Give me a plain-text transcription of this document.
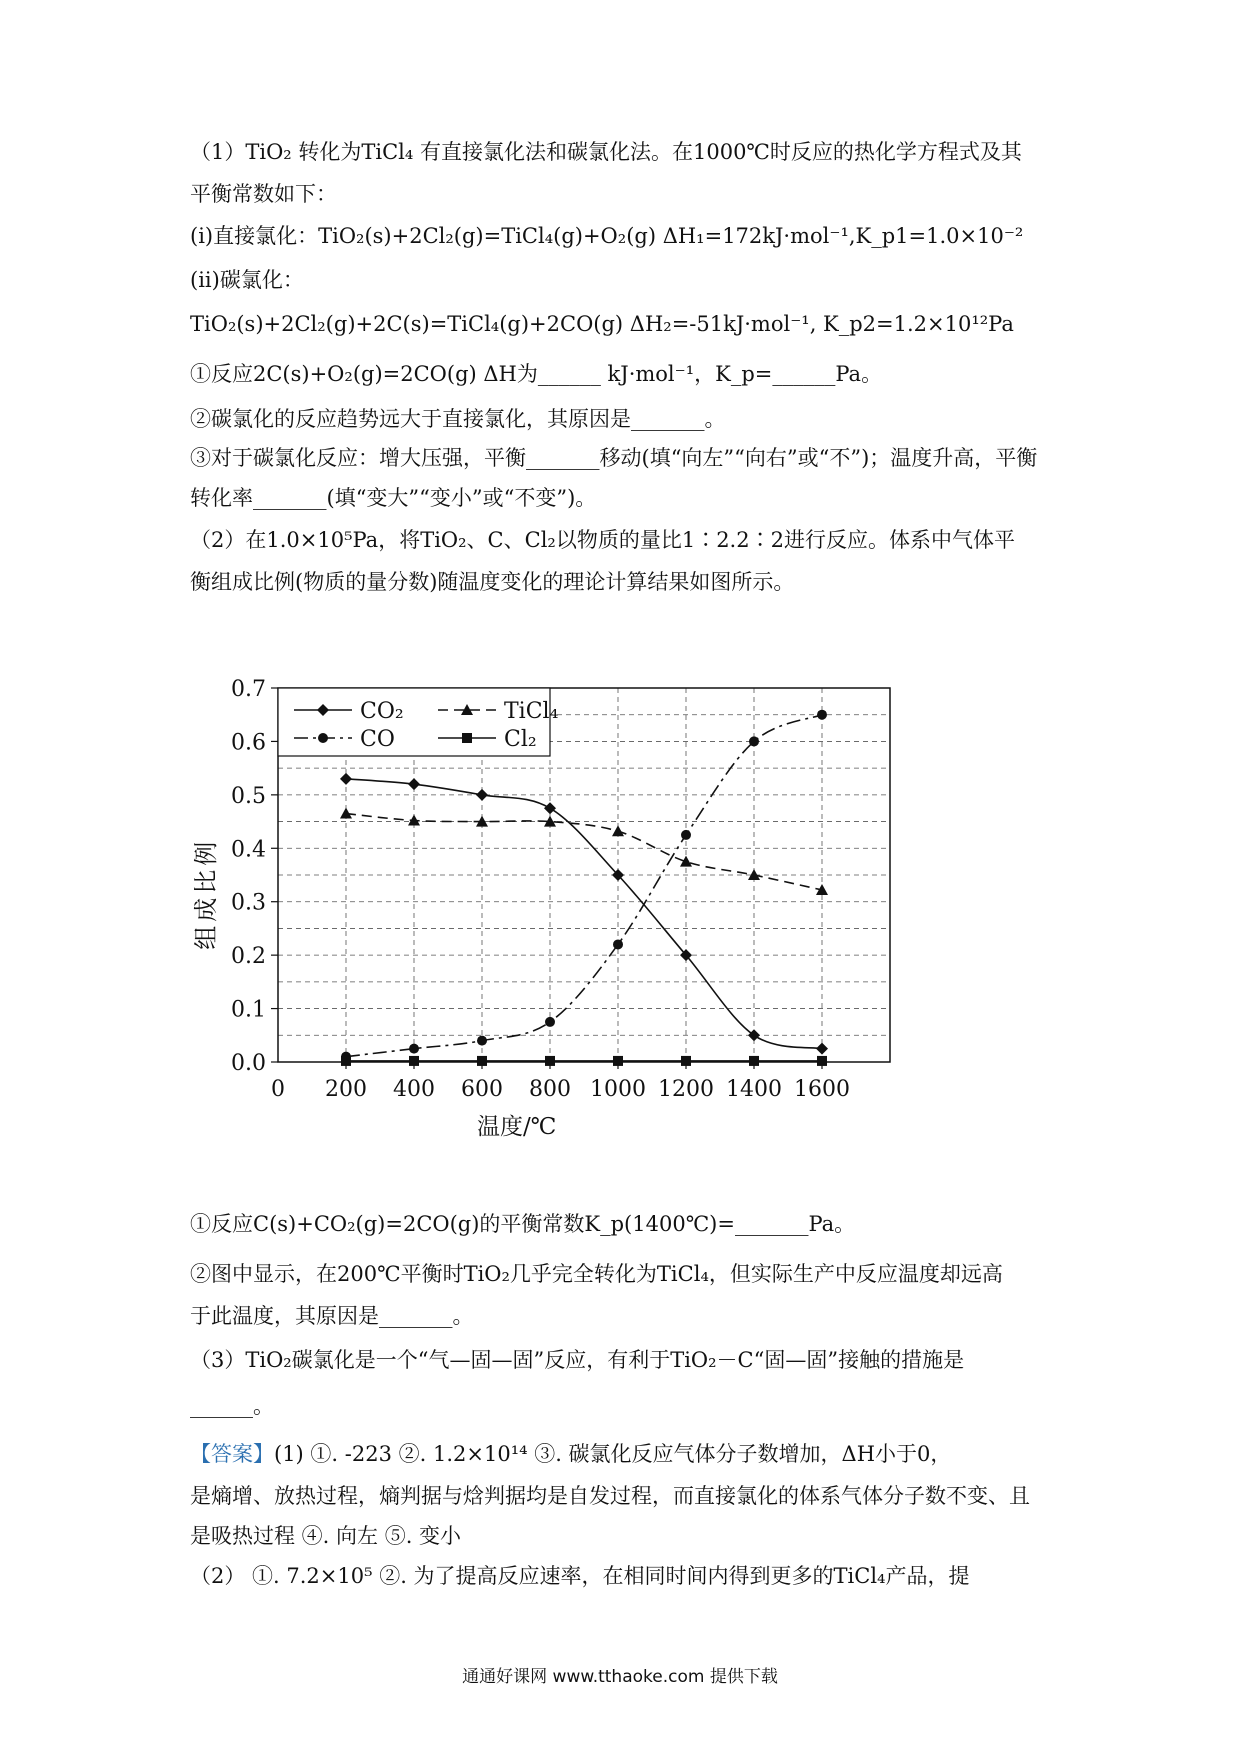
（1）TiO₂ 转化为TiCl₄ 有直接氯化法和碳氯化法。在1000℃时反应的热化学方程式及其
平衡常数如下：
(i)直接氯化：TiO₂(s)+2Cl₂(g)=TiCl₄(g)+O₂(g) ΔH₁=172kJ·mol⁻¹,K_p1=1.0×10⁻²
(ii)碳氯化：
TiO₂(s)+2Cl₂(g)+2C(s)=TiCl₄(g)+2CO(g) ΔH₂=-51kJ·mol⁻¹, K_p2=1.2×10¹²Pa
①反应2C(s)+O₂(g)=2CO(g) ΔH为______ kJ·mol⁻¹，K_p=______Pa。
②碳氯化的反应趋势远大于直接氯化，其原因是_______。
③对于碳氯化反应：增大压强，平衡_______移动(填“向左”“向右”或“不”)；温度升高，平衡
转化率_______(填“变大”“变小”或“不变”)。
（2）在1.0×10⁵Pa，将TiO₂、C、Cl₂以物质的量比1∶2.2∶2进行反应。体系中气体平
衡组成比例(物质的量分数)随温度变化的理论计算结果如图所示。
0.0
0.1
0.2
0.3
0.4
0.5
0.6
0.7
0 200 400 600 800 1000 1200 1400 1600
温度/℃
组成比例
CO₂	TiCl₄
CO	Cl₂
①反应C(s)+CO₂(g)=2CO(g)的平衡常数K_p(1400℃)=_______Pa。
②图中显示，在200℃平衡时TiO₂几乎完全转化为TiCl₄，但实际生产中反应温度却远高
于此温度，其原因是_______。
（3）TiO₂碳氯化是一个“气—固—固”反应，有利于TiO₂－C“固—固”接触的措施是
______。
【答案】(1) ①. -223 ②. 1.2×10¹⁴ ③. 碳氯化反应气体分子数增加，ΔH小于0，
是熵增、放热过程，熵判据与焓判据均是自发过程，而直接氯化的体系气体分子数不变、且
是吸热过程 ④. 向左 ⑤. 变小
（2） ①. 7.2×10⁵ ②. 为了提高反应速率，在相同时间内得到更多的TiCl₄产品，提
通通好课网 www.tthaoke.com 提供下载
